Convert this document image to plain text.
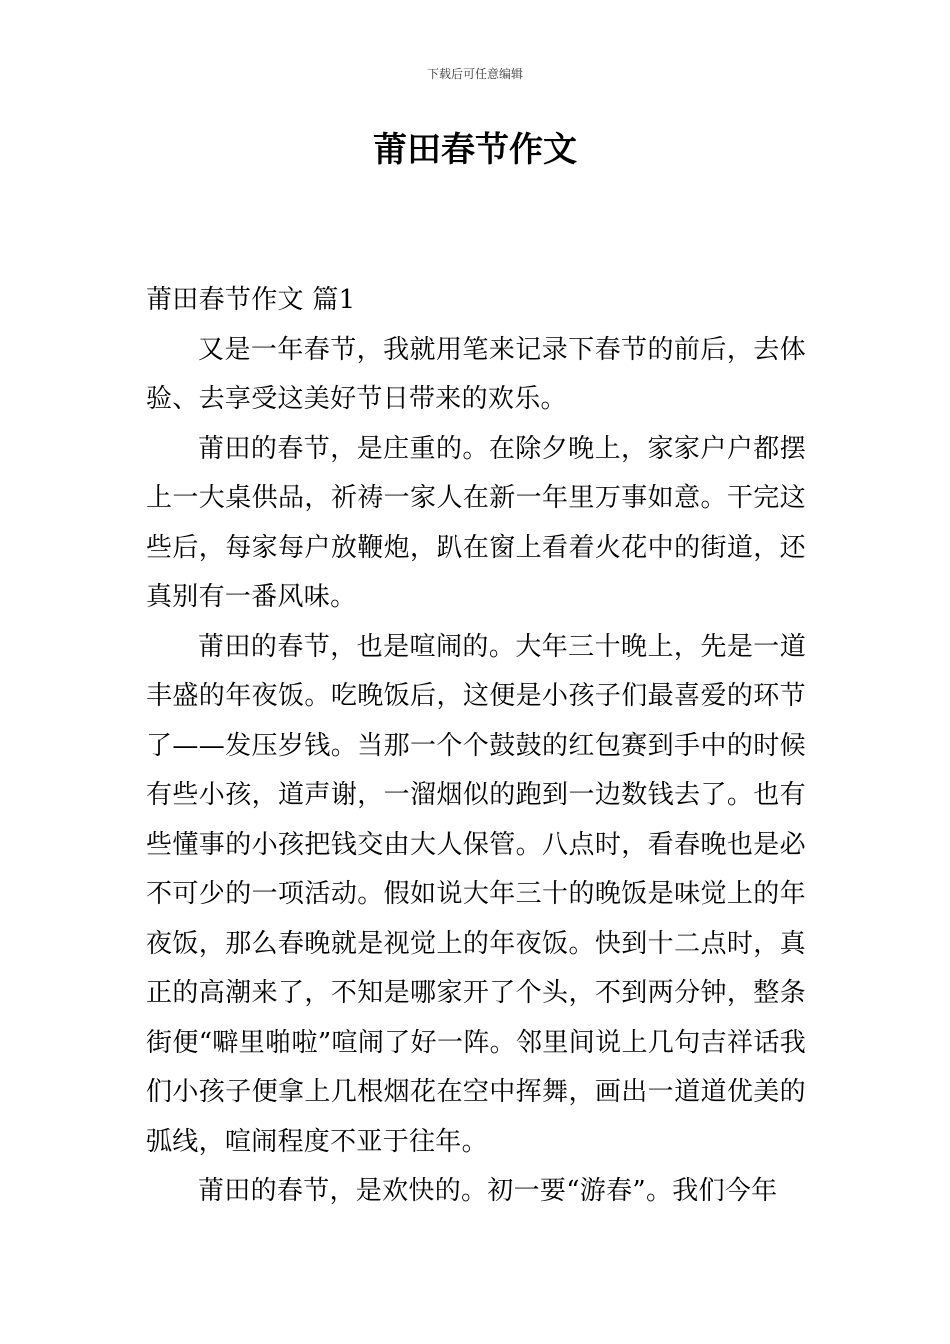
下载后可任意编辑
莆田春节作文

莆田春节作文 篇1

又是一年春节，我就用笔来记录下春节的前后，去体验、去享受这美好节日带来的欢乐。

莆田的春节，是庄重的。在除夕晚上，家家户户都摆上一大桌供品，祈祷一家人在新一年里万事如意。干完这些后，每家每户放鞭炮，趴在窗上看着火花中的街道，还真别有一番风味。

莆田的春节，也是喧闹的。大年三十晚上，先是一道丰盛的年夜饭。吃晚饭后，这便是小孩子们最喜爱的环节了——发压岁钱。当那一个个鼓鼓的红包赛到手中的时候有些小孩，道声谢，一溜烟似的跑到一边数钱去了。也有些懂事的小孩把钱交由大人保管。八点时，看春晚也是必不可少的一项活动。假如说大年三十的晚饭是味觉上的年夜饭，那么春晚就是视觉上的年夜饭。快到十二点时，真正的高潮来了，不知是哪家开了个头，不到两分钟，整条街便“噼里啪啦”喧闹了好一阵。邻里间说上几句吉祥话我们小孩子便拿上几根烟花在空中挥舞，画出一道道优美的弧线，喧闹程度不亚于往年。

莆田的春节，是欢快的。初一要“游春”。我们今年
